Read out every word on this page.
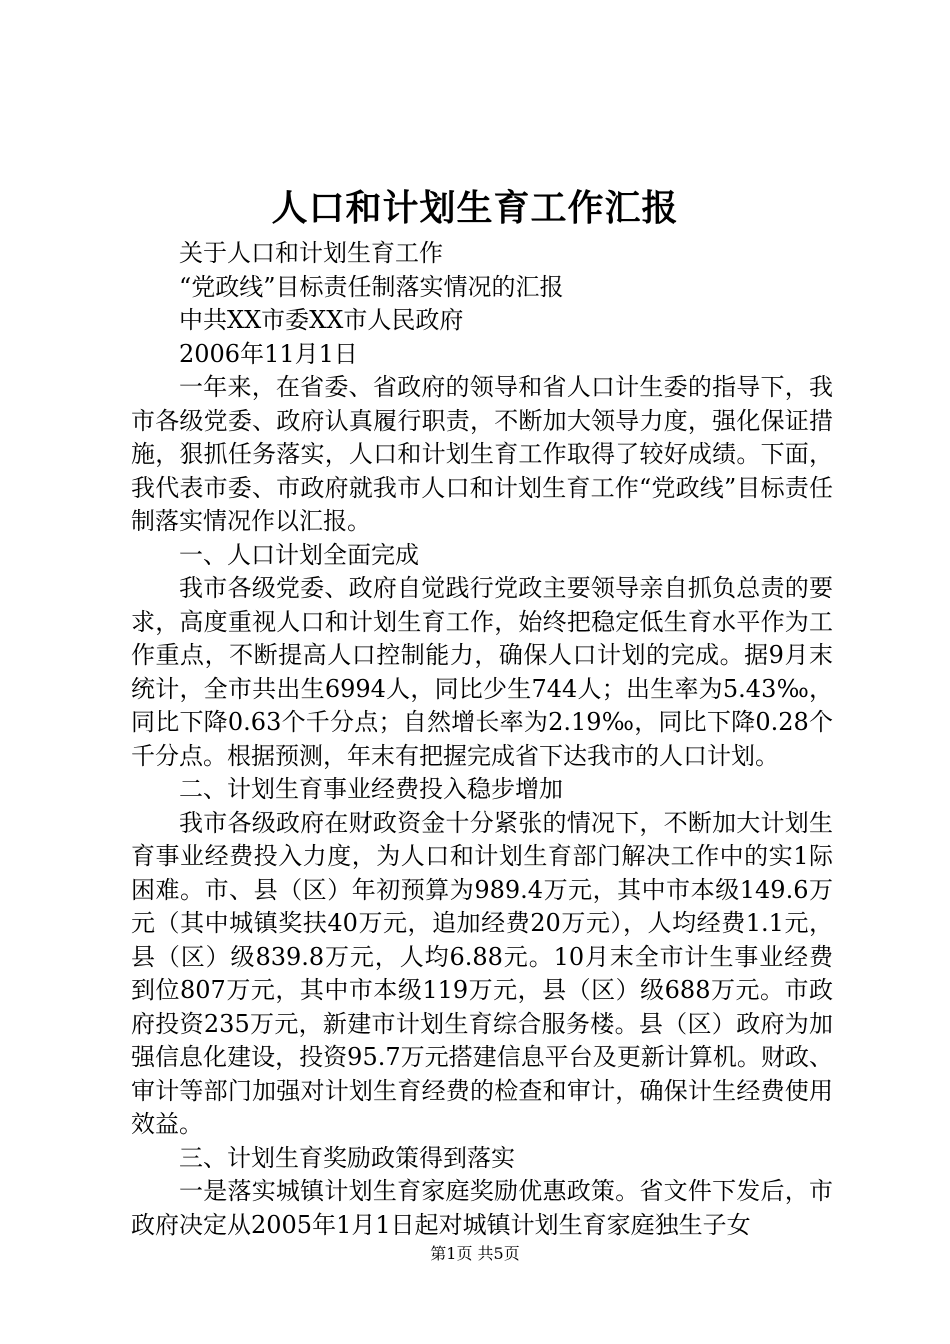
人口和计划生育工作汇报

关于人口和计划生育工作

“党政线”目标责任制落实情况的汇报

中共XX市委XX市人民政府

2006年11月1日

一年来，在省委、省政府的领导和省人口计生委的指导下，我市各级党委、政府认真履行职责，不断加大领导力度，强化保证措施，狠抓任务落实，人口和计划生育工作取得了较好成绩。下面，我代表市委、市政府就我市人口和计划生育工作“党政线”目标责任制落实情况作以汇报。

一、人口计划全面完成

我市各级党委、政府自觉践行党政主要领导亲自抓负总责的要求，高度重视人口和计划生育工作，始终把稳定低生育水平作为工作重点，不断提高人口控制能力，确保人口计划的完成。据9月末统计，全市共出生6994人，同比少生744人；出生率为5.43‰，同比下降0.63个千分点；自然增长率为2.19‰，同比下降0.28个千分点。根据预测，年末有把握完成省下达我市的人口计划。

二、计划生育事业经费投入稳步增加

我市各级政府在财政资金十分紧张的情况下，不断加大计划生育事业经费投入力度，为人口和计划生育部门解决工作中的实1际困难。市、县（区）年初预算为989.4万元，其中市本级149.6万元（其中城镇奖扶40万元，追加经费20万元），人均经费1.1元，县（区）级839.8万元，人均6.88元。10月末全市计生事业经费到位807万元，其中市本级119万元，县（区）级688万元。市政府投资235万元，新建市计划生育综合服务楼。县（区）政府为加强信息化建设，投资95.7万元搭建信息平台及更新计算机。财政、审计等部门加强对计划生育经费的检查和审计，确保计生经费使用效益。

三、计划生育奖励政策得到落实

一是落实城镇计划生育家庭奖励优惠政策。省文件下发后，市政府决定从2005年1月1日起对城镇计划生育家庭独生子女

第1页 共5页
